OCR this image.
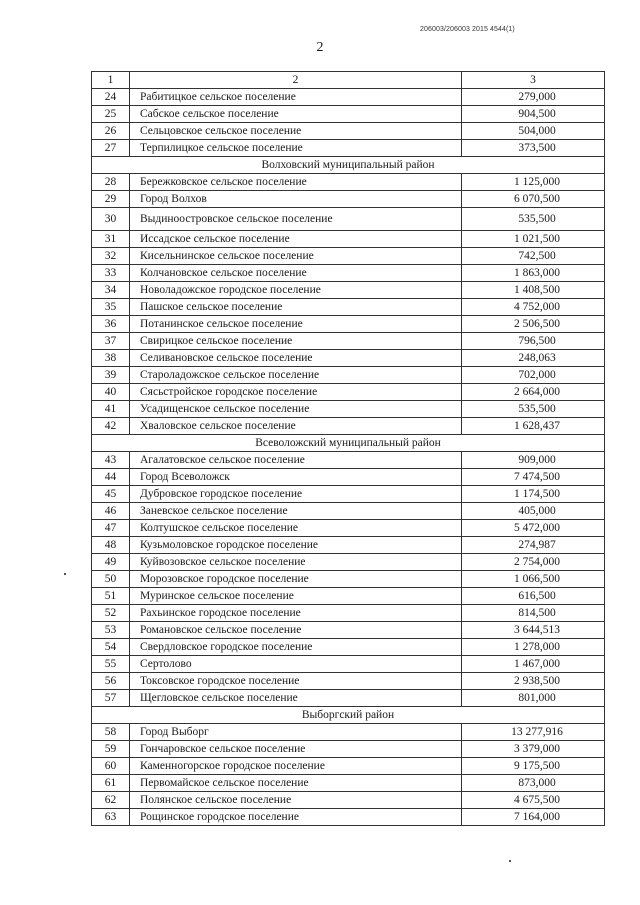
206003/206003 2015 4544(1)
2
1	2	3
24	Рабитицкое сельское поселение	279,000
25	Сабское сельское поселение	904,500
26	Сельцовское сельское поселение	504,000
27	Терпилицкое сельское поселение	373,500
Волховский муниципальный район		
28	Бережковское сельское поселение	1 125,000
29	Город Волхов	6 070,500
30	Выдиноостровское сельское поселение	535,500
31	Иссадское сельское поселение	1 021,500
32	Кисельнинское сельское поселение	742,500
33	Колчановское сельское поселение	1 863,000
34	Новоладожское городское поселение	1 408,500
35	Пашское сельское поселение	4 752,000
36	Потанинское сельское поселение	2 506,500
37	Свирицкое сельское поселение	796,500
38	Селивановское сельское поселение	248,063
39	Староладожское сельское поселение	702,000
40	Сясьстройское городское поселение	2 664,000
41	Усадищенское сельское поселение	535,500
42	Хваловское сельское поселение	1 628,437
Всеволожский муниципальный район		
43	Агалатовское сельское поселение	909,000
44	Город Всеволожск	7 474,500
45	Дубровское городское поселение	1 174,500
46	Заневское сельское поселение	405,000
47	Колтушское сельское поселение	5 472,000
48	Кузьмоловское городское поселение	274,987
49	Куйвозовское сельское поселение	2 754,000
50	Морозовское городское поселение	1 066,500
51	Муринское сельское поселение	616,500
52	Рахьинское городское поселение	814,500
53	Романовское сельское поселение	3 644,513
54	Свердловское городское поселение	1 278,000
55	Сертолово	1 467,000
56	Токсовское городское поселение	2 938,500
57	Щегловское сельское поселение	801,000
Выборгский район		
58	Город Выборг	13 277,916
59	Гончаровское сельское поселение	3 379,000
60	Каменногорское городское поселение	9 175,500
61	Первомайское сельское поселение	873,000
62	Полянское сельское поселение	4 675,500
63	Рощинское городское поселение	7 164,000
